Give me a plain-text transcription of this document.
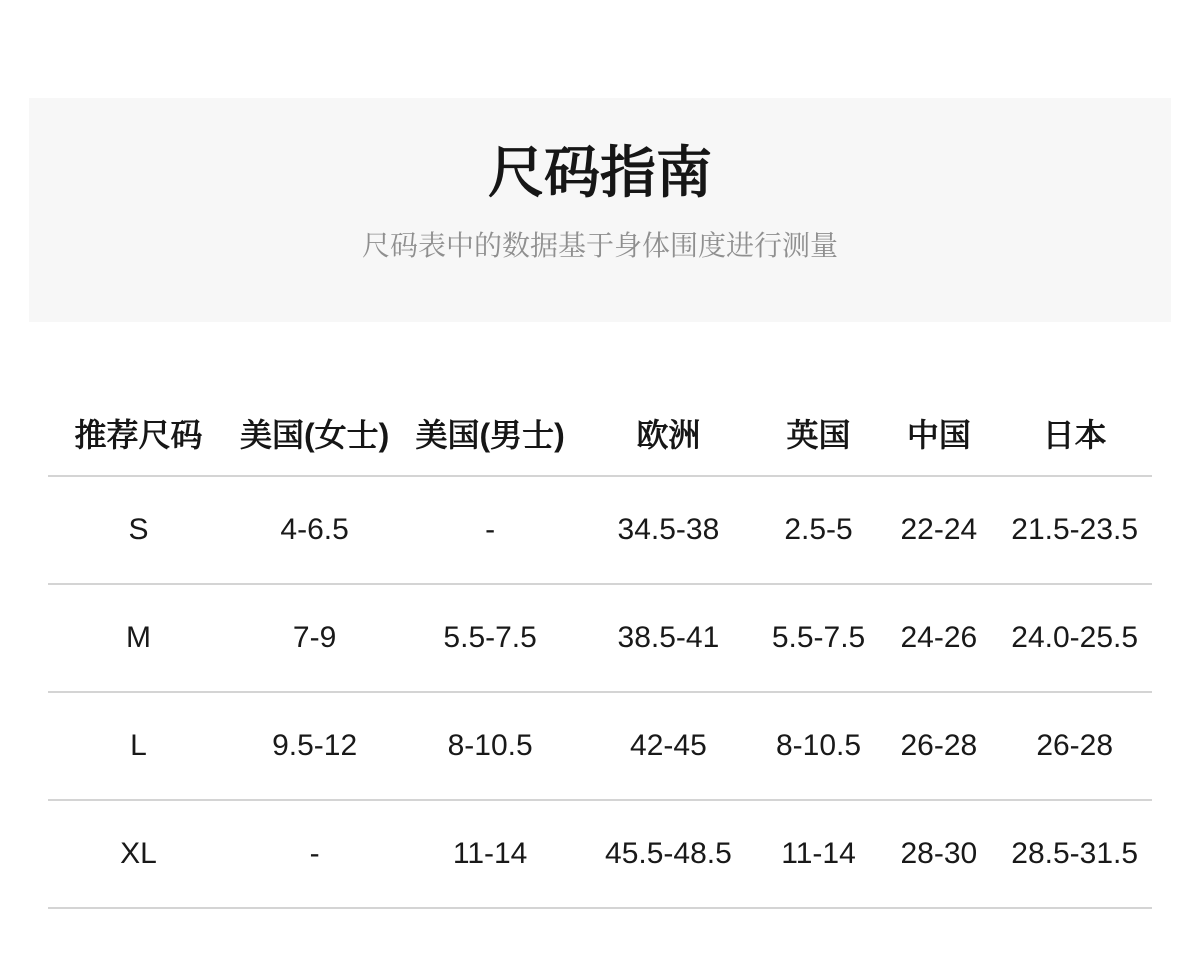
尺码指南

尺码表中的数据基于身体围度进行测量

推荐尺码	美国(女士)	美国(男士)	欧洲	英国	中国	日本
S	4-6.5	-	34.5-38	2.5-5	22-24	21.5-23.5
M	7-9	5.5-7.5	38.5-41	5.5-7.5	24-26	24.0-25.5
L	9.5-12	8-10.5	42-45	8-10.5	26-28	26-28
XL	-	11-14	45.5-48.5	11-14	28-30	28.5-31.5
